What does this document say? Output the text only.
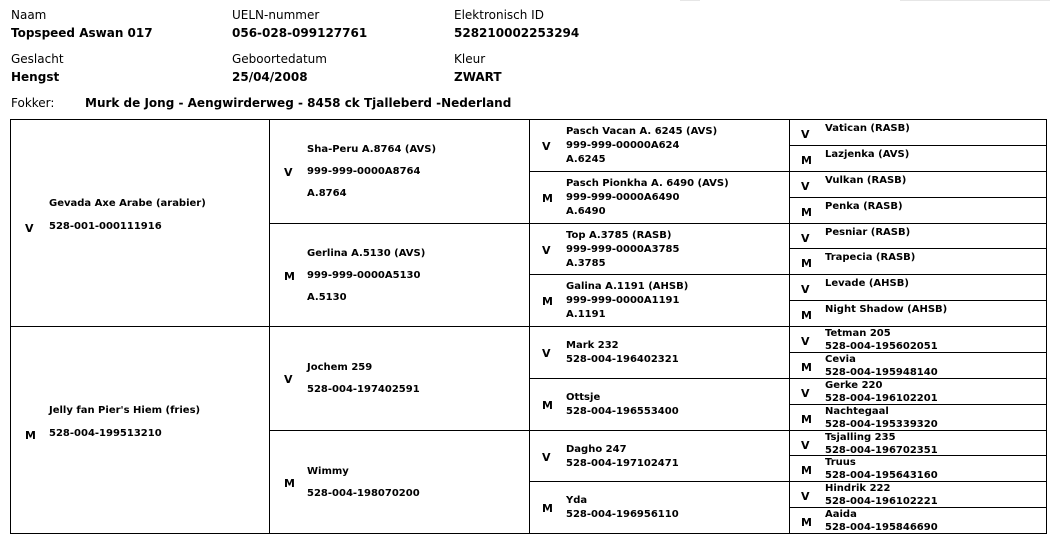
Naam
Topspeed Aswan 017
UELN-nummer
056-028-099127761
Elektronisch ID
528210002253294
Geslacht
Hengst
Geboortedatum
25/04/2008
Kleur
ZWART
Fokker:	Murk de Jong - Aengwirderweg - 8458 ck Tjalleberd -Nederland
Gevada Axe Arabe (arabier)
528-001-000111916
V
Jelly fan Pier's Hiem (fries)
528-004-199513210
M
Sha-Peru A.8764 (AVS)
999-999-0000A8764
A.8764
V
Gerlina A.5130 (AVS)
999-999-0000A5130
A.5130
M
Jochem 259
528-004-197402591
V
Wimmy
528-004-198070200
M
Pasch Vacan A. 6245 (AVS)
999-999-00000A624
A.6245
V
Pasch Pionkha A. 6490 (AVS)
999-999-0000A6490
A.6490
M
Top A.3785 (RASB)
999-999-0000A3785
A.3785
V
Galina A.1191 (AHSB)
999-999-0000A1191
A.1191
M
Mark 232
528-004-196402321
V
Ottsje
528-004-196553400
M
Dagho 247
528-004-197102471
V
Yda
528-004-196956110
M
Vatican (RASB)
V
Lazjenka (AVS)
M
Vulkan (RASB)
V
Penka (RASB)
M
Pesniar (RASB)
V
Trapecia (RASB)
M
Levade (AHSB)
V
Night Shadow (AHSB)
M
Tetman 205
528-004-195602051
V
Cevia
528-004-195948140
M
Gerke 220
528-004-196102201
V
Nachtegaal
528-004-195339320
M
Tsjalling 235
528-004-196702351
V
Truus
528-004-195643160
M
Hindrik 222
528-004-196102221
V
Aaida
528-004-195846690
M
